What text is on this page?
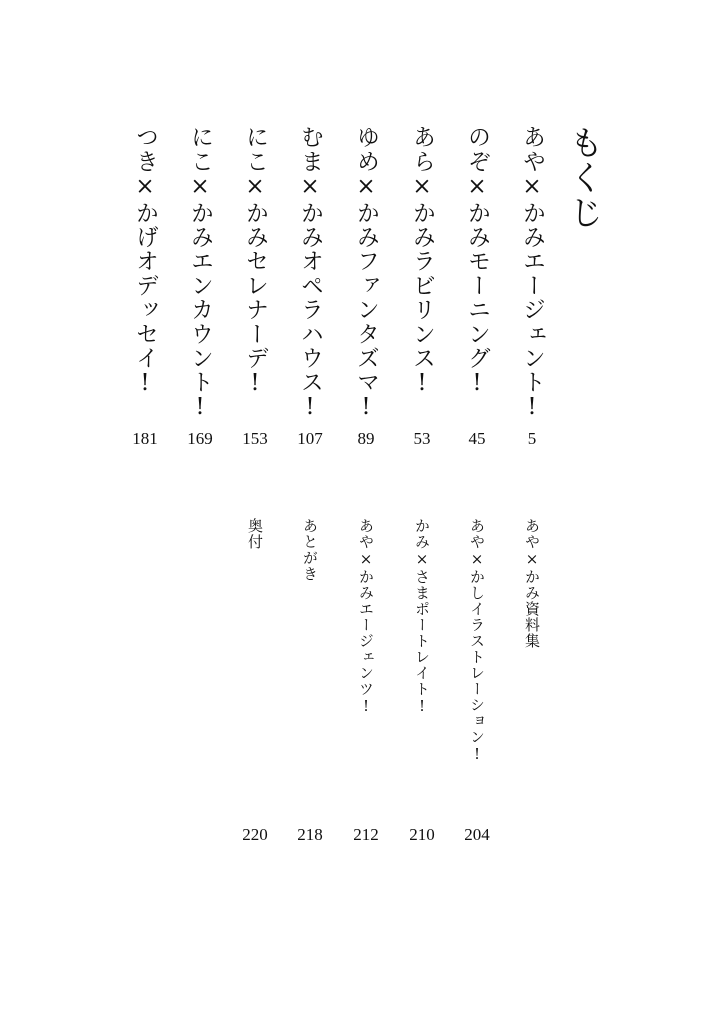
もくじ
あや×かみエージェント!
5
のぞ×かみモーニング!
45
あら×かみラビリンス!
53
ゆめ×かみファンタズマ!
89
むま×かみオペラハウス!
107
にこ×かみセレナーデ!
153
にこ×かみエンカウント!
169
つき×かげオデッセイ!
181
あや×かみ資料集
あや×かしイラストレーション!
204
かみ×さまポートレイト!
210
あや×かみエージェンツ!
212
あとがき
218
奥付
220
